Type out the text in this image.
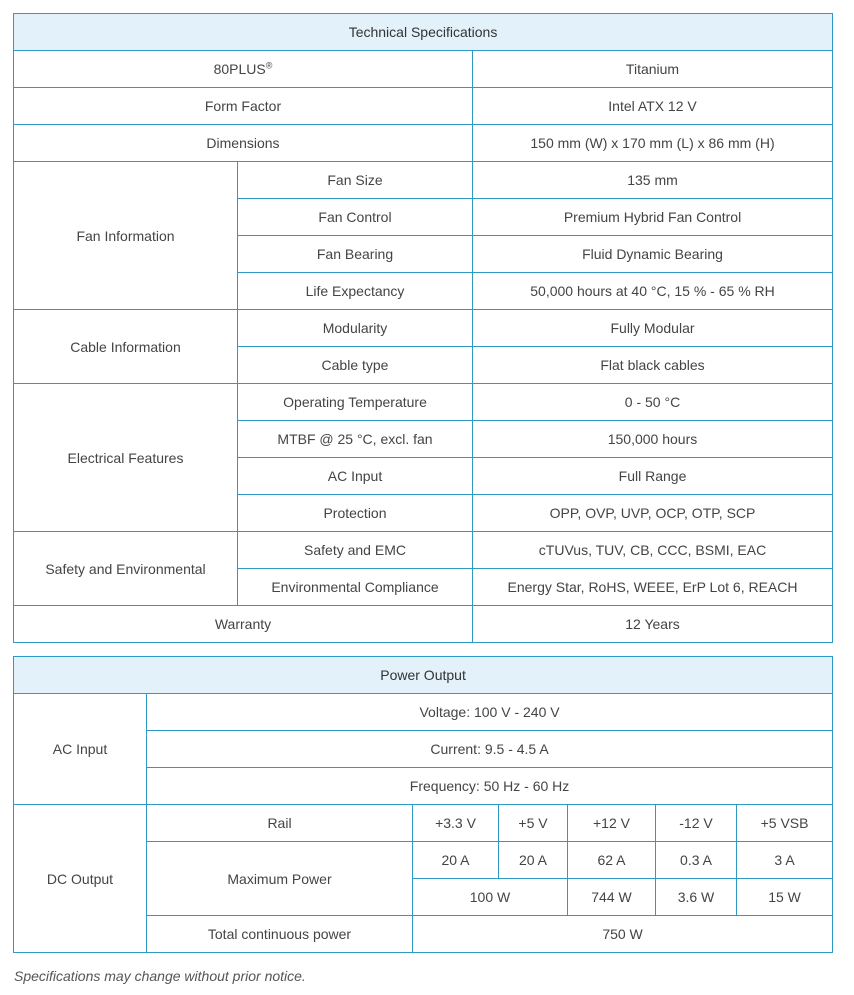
Technical Specifications		
80PLUS®		Titanium
Form Factor		Intel ATX 12 V
Dimensions		150 mm (W) x 170 mm (L) x 86 mm (H)
Fan Information	Fan Size	135 mm
	Fan Control	Premium Hybrid Fan Control
	Fan Bearing	Fluid Dynamic Bearing
	Life Expectancy	50,000 hours at 40 °C, 15 % - 65 % RH
Cable Information	Modularity	Fully Modular
	Cable type	Flat black cables
Electrical Features	Operating Temperature	0 - 50 °C
	MTBF @ 25 °C, excl. fan	150,000 hours
	AC Input	Full Range
	Protection	OPP, OVP, UVP, OCP, OTP, SCP
Safety and Environmental	Safety and EMC	cTUVus, TUV, CB, CCC, BSMI, EAC
	Environmental Compliance	Energy Star, RoHS, WEEE, ErP Lot 6, REACH
Warranty		12 Years
Power Output						
AC Input	Voltage: 100 V - 240 V					
	Current: 9.5 - 4.5 A					
	Frequency: 50 Hz - 60 Hz					
DC Output	Rail	+3.3 V	+5 V	+12 V	-12 V	+5 VSB
	Maximum Power	20 A	20 A	62 A	0.3 A	3 A
		100 W		744 W	3.6 W	15 W
	Total continuous power	750 W				
Specifications may change without prior notice.
